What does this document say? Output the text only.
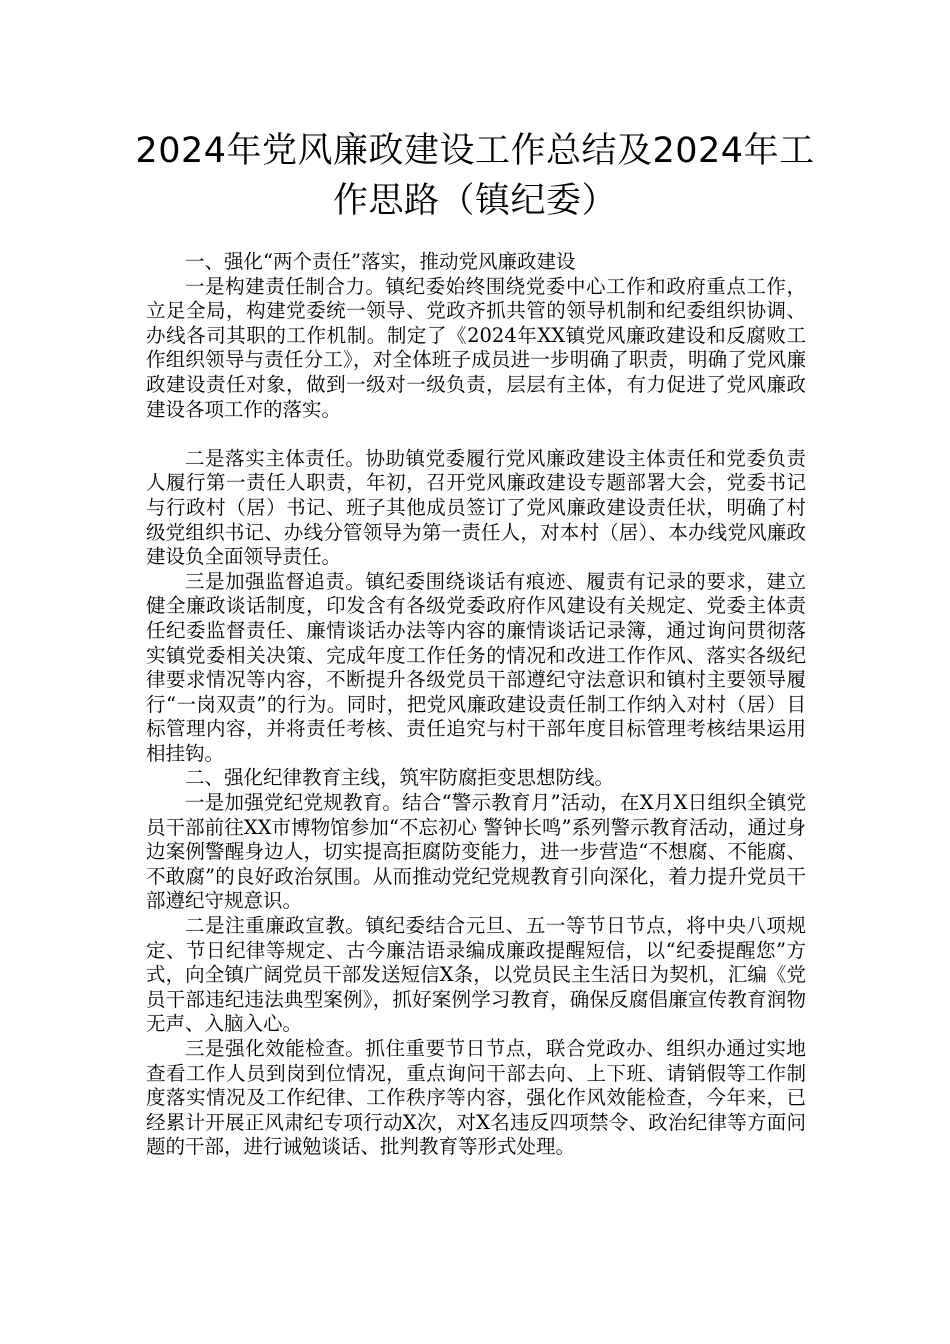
2024年党风廉政建设工作总结及2024年工作思路（镇纪委）

一、强化“两个责任”落实，推动党风廉政建设

一是构建责任制合力。镇纪委始终围绕党委中心工作和政府重点工作，立足全局，构建党委统一领导、党政齐抓共管的领导机制和纪委组织协调、办线各司其职的工作机制。制定了《2024年XX镇党风廉政建设和反腐败工作组织领导与责任分工》，对全体班子成员进一步明确了职责，明确了党风廉政建设责任对象，做到一级对一级负责，层层有主体，有力促进了党风廉政建设各项工作的落实。

二是落实主体责任。协助镇党委履行党风廉政建设主体责任和党委负责人履行第一责任人职责，年初，召开党风廉政建设专题部署大会，党委书记与行政村（居）书记、班子其他成员签订了党风廉政建设责任状，明确了村级党组织书记、办线分管领导为第一责任人，对本村（居）、本办线党风廉政建设负全面领导责任。

三是加强监督追责。镇纪委围绕谈话有痕迹、履责有记录的要求，建立健全廉政谈话制度，印发含有各级党委政府作风建设有关规定、党委主体责任纪委监督责任、廉情谈话办法等内容的廉情谈话记录簿，通过询问贯彻落实镇党委相关决策、完成年度工作任务的情况和改进工作作风、落实各级纪律要求情况等内容，不断提升各级党员干部遵纪守法意识和镇村主要领导履行“一岗双责”的行为。同时，把党风廉政建设责任制工作纳入对村（居）目标管理内容，并将责任考核、责任追究与村干部年度目标管理考核结果运用相挂钩。

二、强化纪律教育主线，筑牢防腐拒变思想防线。

一是加强党纪党规教育。结合“警示教育月”活动，在X月X日组织全镇党员干部前往XX市博物馆参加“不忘初心 警钟长鸣”系列警示教育活动，通过身边案例警醒身边人，切实提高拒腐防变能力，进一步营造“不想腐、不能腐、不敢腐”的良好政治氛围。从而推动党纪党规教育引向深化，着力提升党员干部遵纪守规意识。

二是注重廉政宣教。镇纪委结合元旦、五一等节日节点，将中央八项规定、节日纪律等规定、古今廉洁语录编成廉政提醒短信，以“纪委提醒您”方式，向全镇广阔党员干部发送短信X条，以党员民主生活日为契机，汇编《党员干部违纪违法典型案例》，抓好案例学习教育，确保反腐倡廉宣传教育润物无声、入脑入心。

三是强化效能检查。抓住重要节日节点，联合党政办、组织办通过实地查看工作人员到岗到位情况，重点询问干部去向、上下班、请销假等工作制度落实情况及工作纪律、工作秩序等内容，强化作风效能检查，今年来，已经累计开展正风肃纪专项行动X次，对X名违反四项禁令、政治纪律等方面问题的干部，进行诫勉谈话、批判教育等形式处理。
